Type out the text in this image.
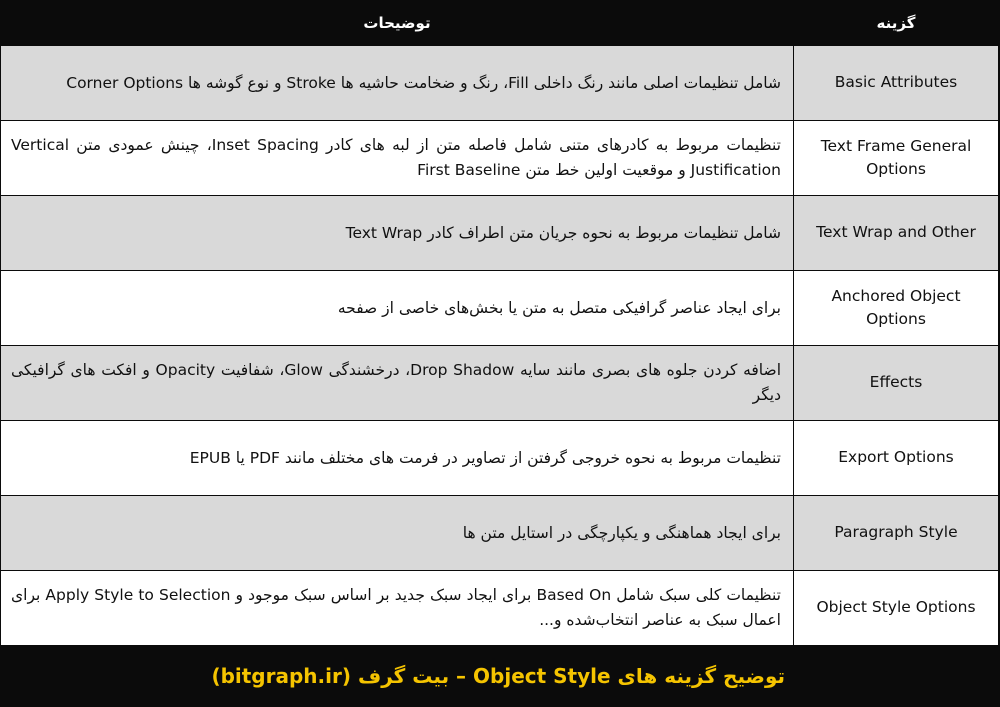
گزینه	توضیحات
Basic Attributes	شامل تنظیمات اصلی مانند رنگ داخلی Fill، رنگ و ضخامت حاشیه ها Stroke و نوع گوشه ها Corner Options
Text Frame General Options	تنظیمات مربوط به کادرهای متنی شامل فاصله متن از لبه های کادر Inset Spacing، چینش عمودی متن Vertical Justification و موقعیت اولین خط متن First Baseline
Text Wrap and Other	شامل تنظیمات مربوط به نحوه جریان متن اطراف کادر Text Wrap
Anchored Object Options	برای ایجاد عناصر گرافیکی متصل به متن یا بخش‌های خاصی از صفحه
Effects	اضافه کردن جلوه های بصری مانند سایه Drop Shadow، درخشندگی Glow، شفافیت Opacity و افکت های گرافیکی دیگر
Export Options	تنظیمات مربوط به نحوه خروجی گرفتن از تصاویر در فرمت های مختلف مانند PDF یا EPUB
Paragraph Style	برای ایجاد هماهنگی و یکپارچگی در استایل متن ها
Object Style Options	تنظیمات کلی سبک شامل Based On برای ایجاد سبک جدید بر اساس سبک موجود و Apply Style to Selection برای اعمال سبک به عناصر انتخاب‌شده و...
توضیح گزینه های Object Style – بیت گرف (bitgraph.ir)
